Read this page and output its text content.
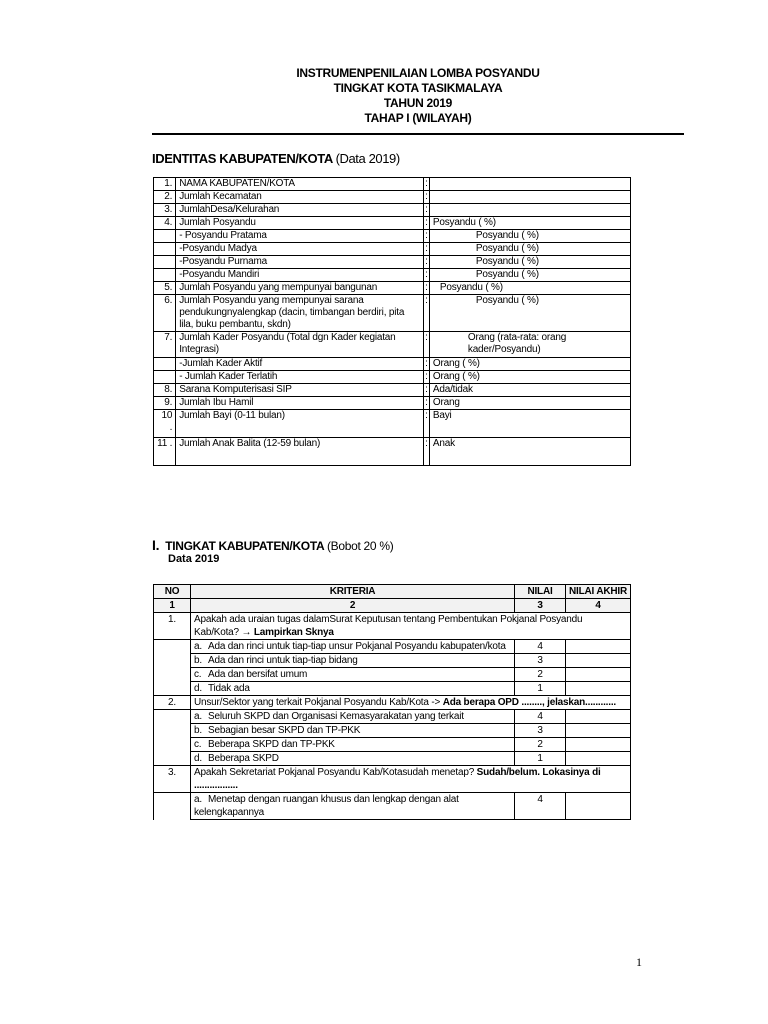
INSTRUMENPENILAIAN LOMBA POSYANDU
TINGKAT KOTA TASIKMALAYA
TAHUN 2019
TAHAP I (WILAYAH)
IDENTITAS KABUPATEN/KOTA (Data 2019)
1.	NAMA KABUPATEN/KOTA	:	
2.	Jumlah Kecamatan	:	
3.	JumlahDesa/Kelurahan	:	
4.	Jumlah Posyandu	:	Posyandu ( %)
	- Posyandu Pratama	:	Posyandu ( %)
	-Posyandu Madya	:	Posyandu ( %)
	-Posyandu Purnama	:	Posyandu ( %)
	-Posyandu Mandiri	:	Posyandu ( %)
5.	Jumlah Posyandu yang mempunyai bangunan	:	Posyandu ( %)
6.	Jumlah Posyandu yang mempunyai sarana pendukungnyalengkap (dacin, timbangan berdiri, pita lila, buku pembantu, skdn)	:	Posyandu ( %)
7.	Jumlah Kader Posyandu (Total dgn Kader kegiatan Integrasi)	:	Orang (rata-rata: orang kader/Posyandu)
	-Jumlah Kader Aktif	:	Orang ( %)
	- Jumlah Kader Terlatih	:	Orang ( %)
8.	Sarana Komputerisasi SIP	:	Ada/tidak
9.	Jumlah Ibu Hamil	:	Orang
10 .	Jumlah Bayi (0-11 bulan)	:	Bayi
11 .	Jumlah Anak Balita (12-59 bulan)	:	Anak
I. TINGKAT KABUPATEN/KOTA (Bobot 20 %)
Data 2019
NO	KRITERIA	NILAI	NILAI AKHIR
1	2	3	4
1.	Apakah ada uraian tugas dalamSurat Keputusan tentang Pembentukan Pokjanal Posyandu Kab/Kota? → Lampirkan Sknya		
	a. Ada dan rinci untuk tiap-tiap unsur Pokjanal Posyandu kabupaten/kota	4	
	b. Ada dan rinci untuk tiap-tiap bidang	3	
	c. Ada dan bersifat umum	2	
	d. Tidak ada	1	
2.	Unsur/Sektor yang terkait Pokjanal Posyandu Kab/Kota -> Ada berapa OPD ........, jelaskan............		
	a. Seluruh SKPD dan Organisasi Kemasyarakatan yang terkait	4	
	b. Sebagian besar SKPD dan TP-PKK	3	
	c. Beberapa SKPD dan TP-PKK	2	
	d. Beberapa SKPD	1	
3.	Apakah Sekretariat Pokjanal Posyandu Kab/Kotasudah menetap? Sudah/belum. Lokasinya di .................		
	a. Menetap dengan ruangan khusus dan lengkap dengan alat kelengkapannya	4	
1
